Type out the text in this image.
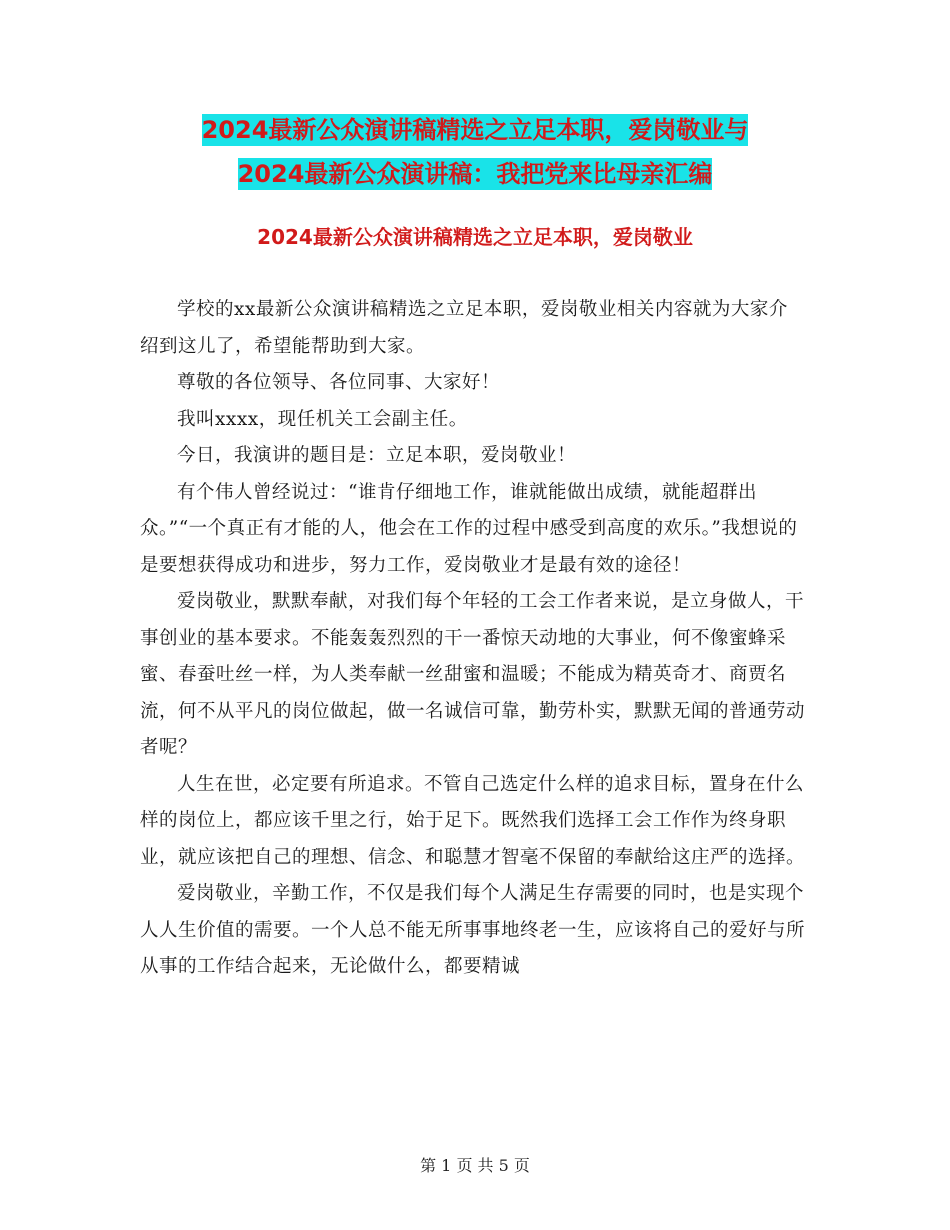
2024最新公众演讲稿精选之立足本职，爱岗敬业与
2024最新公众演讲稿：我把党来比母亲汇编
2024最新公众演讲稿精选之立足本职，爱岗敬业

学校的xx最新公众演讲稿精选之立足本职，爱岗敬业相关内容就为大家介绍到这儿了，希望能帮助到大家。

尊敬的各位领导、各位同事、大家好！

我叫xxxx，现任机关工会副主任。

今日，我演讲的题目是：立足本职，爱岗敬业！

有个伟人曾经说过：“谁肯仔细地工作，谁就能做出成绩，就能超群出众。”“一个真正有才能的人，他会在工作的过程中感受到高度的欢乐。”我想说的是要想获得成功和进步，努力工作，爱岗敬业才是最有效的途径！

爱岗敬业，默默奉献，对我们每个年轻的工会工作者来说，是立身做人，干事创业的基本要求。不能轰轰烈烈的干一番惊天动地的大事业，何不像蜜蜂采蜜、春蚕吐丝一样，为人类奉献一丝甜蜜和温暖；不能成为精英奇才、商贾名流，何不从平凡的岗位做起，做一名诚信可靠，勤劳朴实，默默无闻的普通劳动者呢？

人生在世，必定要有所追求。不管自己选定什么样的追求目标，置身在什么样的岗位上，都应该千里之行，始于足下。既然我们选择工会工作作为终身职业，就应该把自己的理想、信念、和聪慧才智毫不保留的奉献给这庄严的选择。

爱岗敬业，辛勤工作，不仅是我们每个人满足生存需要的同时，也是实现个人人生价值的需要。一个人总不能无所事事地终老一生，应该将自己的爱好与所从事的工作结合起来，无论做什么，都要精诚

第 1 页 共 5 页
